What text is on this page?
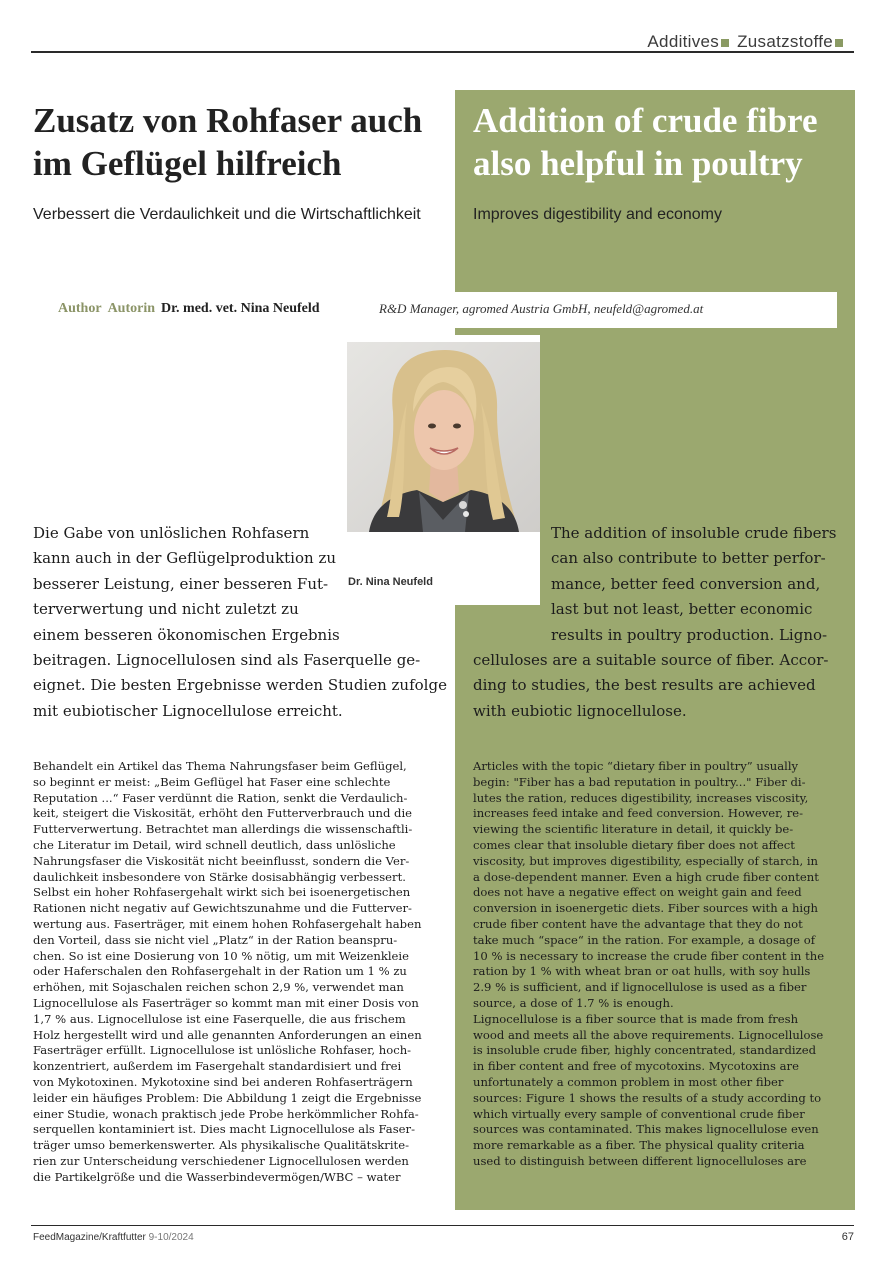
Additives Zusatzstoffe
Zusatz von Rohfaser auch im Geflügel hilfreich
Verbessert die Verdaulichkeit und die Wirtschaftlichkeit
Addition of crude fibre also helpful in poultry
Improves digestibility and economy
Author Autorin Dr. med. vet. Nina Neufeld	R&D Manager, agromed Austria GmbH, neufeld@agromed.at
Dr. Nina Neufeld
Die Gabe von unlöslichen Rohfasern
kann auch in der Geflügelproduktion zu
besserer Leistung, einer besseren Fut-
terverwertung und nicht zuletzt zu
einem besseren ökonomischen Ergebnis
beitragen. Lignocellulosen sind als Faserquelle ge-
eignet. Die besten Ergebnisse werden Studien zufolge
mit eubiotischer Lignocellulose erreicht.
The addition of insoluble crude fibers
can also contribute to better perfor-
mance, better feed conversion and,
last but not least, better economic
results in poultry production. Ligno-
celluloses are a suitable source of fiber. Accor-
ding to studies, the best results are achieved
with eubiotic lignocellulose.
Behandelt ein Artikel das Thema Nahrungsfaser beim Geflügel,
so beginnt er meist: „Beim Geflügel hat Faser eine schlechte
Reputation ...“ Faser verdünnt die Ration, senkt die Verdaulich-
keit, steigert die Viskosität, erhöht den Futterverbrauch und die
Futterverwertung. Betrachtet man allerdings die wissenschaftli-
che Literatur im Detail, wird schnell deutlich, dass unlösliche
Nahrungsfaser die Viskosität nicht beeinflusst, sondern die Ver-
daulichkeit insbesondere von Stärke dosisabhängig verbessert.
Selbst ein hoher Rohfasergehalt wirkt sich bei isoenergetischen
Rationen nicht negativ auf Gewichtszunahme und die Futterver-
wertung aus. Faserträger, mit einem hohen Rohfasergehalt haben
den Vorteil, dass sie nicht viel „Platz“ in der Ration beanspru-
chen. So ist eine Dosierung von 10 % nötig, um mit Weizenkleie
oder Haferschalen den Rohfasergehalt in der Ration um 1 % zu
erhöhen, mit Sojaschalen reichen schon 2,9 %, verwendet man
Lignocellulose als Faserträger so kommt man mit einer Dosis von
1,7 % aus. Lignocellulose ist eine Faserquelle, die aus frischem
Holz hergestellt wird und alle genannten Anforderungen an einen
Faserträger erfüllt. Lignocellulose ist unlösliche Rohfaser, hoch-
konzentriert, außerdem im Fasergehalt standardisiert und frei
von Mykotoxinen. Mykotoxine sind bei anderen Rohfaserträgern
leider ein häufiges Problem: Die Abbildung 1 zeigt die Ergebnisse
einer Studie, wonach praktisch jede Probe herkömmlicher Rohfa-
serquellen kontaminiert ist. Dies macht Lignocellulose als Faser-
träger umso bemerkenswerter. Als physikalische Qualitätskrite-
rien zur Unterscheidung verschiedener Lignocellulosen werden
die Partikelgröße und die Wasserbindevermögen/WBC – water
Articles with the topic “dietary fiber in poultry” usually
begin: "Fiber has a bad reputation in poultry..." Fiber di-
lutes the ration, reduces digestibility, increases viscosity,
increases feed intake and feed conversion. However, re-
viewing the scientific literature in detail, it quickly be-
comes clear that insoluble dietary fiber does not affect
viscosity, but improves digestibility, especially of starch, in
a dose-dependent manner. Even a high crude fiber content
does not have a negative effect on weight gain and feed
conversion in isoenergetic diets. Fiber sources with a high
crude fiber content have the advantage that they do not
take much “space“ in the ration. For example, a dosage of
10 % is necessary to increase the crude fiber content in the
ration by 1 % with wheat bran or oat hulls, with soy hulls
2.9 % is sufficient, and if lignocellulose is used as a fiber
source, a dose of 1.7 % is enough.
Lignocellulose is a fiber source that is made from fresh
wood and meets all the above requirements. Lignocellulose
is insoluble crude fiber, highly concentrated, standardized
in fiber content and free of mycotoxins. Mycotoxins are
unfortunately a common problem in most other fiber
sources: Figure 1 shows the results of a study according to
which virtually every sample of conventional crude fiber
sources was contaminated. This makes lignocellulose even
more remarkable as a fiber. The physical quality criteria
used to distinguish between different lignocelluloses are
FeedMagazine/Kraftfutter 9-10/2024	67
